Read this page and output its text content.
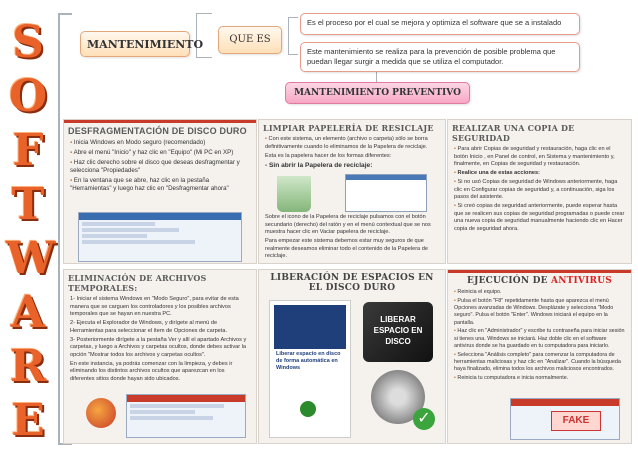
S
O
F
T
W
A
R
E
MANTENIMIENTO	QUE ES
Es el proceso por el cual se mejora y optimiza el software que se a instalado
Este mantenimiento se realiza para la prevención de posible problema que puedan llegar surgir a medida que se utiliza el computador.
MANTENIMIENTO PREVENTIVO
DESFRAGMENTACIÓN DE DISCO DURO

▪ Inicia Windows en Modo seguro (recomendado)

▪ Abre el menú "Inicio" y haz clic en "Equipo" (Mi PC en XP)

▪ Haz clic derecho sobre el disco que deseas desfragmentar y selecciona "Propiedades"

▪ En la ventana que se abre, haz clic en la pestaña "Herramientas" y luego haz clic en "Desfragmentar ahora"

LIMPIAR PAPELERÍA DE RESICLAJE

▪ Con este sistema, un elemento (archivo o carpeta) sólo se borra definitivamente cuando lo eliminamos de la Papelera de reciclaje.

Esta es la papelera hacer de los formas diferentes:

- Sin abrir la Papelera de reciclaje:

Sobre el icono de la Papelera de reciclaje pulsamos con el botón secundario (derecho) del ratón y en el menú contextual que se nos muestra hacer clic en Vaciar papelera de reciclaje.

Para empezar este sistema debemos estar muy seguros de que realmente deseamos eliminar todo el contenido de la Papelera de reciclaje.

REALIZAR UNA COPIA DE SEGURIDAD

▪ Para abrir Copias de seguridad y restauración, haga clic en el botón Inicio , en Panel de control, en Sistema y mantenimiento y, finalmente, en Copias de seguridad y restauración.

▪ Realice una de estas acciones:

▪ Si no usó Copias de seguridad de Windows anteriormente, haga clic en Configurar copias de seguridad y, a continuación, siga los pasos del asistente.

▪ Si creó copias de seguridad anteriormente, puede esperar hasta que se realicen sus copias de seguridad programadas o puede crear una nueva copia de seguridad manualmente haciendo clic en Hacer copia de seguridad ahora.

ELIMINACIÓN DE ARCHIVOS TEMPORALES:

1- Iniciar el sistema Windows en "Modo Seguro", para evitar de esta manera que se carguen los controladores y los posibles archivos temporales que se hayan en nuestra PC.

2- Ejecuta el Explorador de Windows, y dirígete al menú de Herramientas para seleccionar el ítem de Opciones de carpeta.

3- Posteriormente dirígete a la pestaña Ver y allí el apartado Archivos y carpetas, y luego a Archivos y carpetas ocultos, donde debes activar la opción "Mostrar todos los archivos y carpetas ocultos".

En este instancia, ya podrás comenzar con la limpieza, y debes ir eliminando los distintos archivos ocultos que aparezcan en los diferentes sitios donde hayan sido ubicados.

LIBERACIÓN DE ESPACIOS EN EL DISCO DURO
Liberar espacio en disco de forma automática en Windows
LIBERAR ESPACIO EN DISCO
✓
EJECUCIÓN DE ANTIVIRUS

▪ Reinicia el equipo.

▪ Pulsa el botón "F8" repetidamente hasta que aparezca el menú Opciones avanzadas de Windows. Desplázate y selecciona "Modo seguro". Pulsa el botón "Enter". Windows iniciará el equipo en la pantalla.

▪ Haz clic en "Administrador" y escribe tu contraseña para iniciar sesión si tienes una. Windows se iniciará. Haz doble clic en el software antivirus donde se ha guardado en tu computadora para iniciarlo.

▪ Selecciona "Análisis completo" para comenzar la computadora de herramientas maliciosas y haz clic en "Analizar". Cuando la búsqueda haya finalizado, elimina todos los archivos maliciosos encontrados.

▪ Reinicia tu computadora e inicia normalmente.

FAKE
